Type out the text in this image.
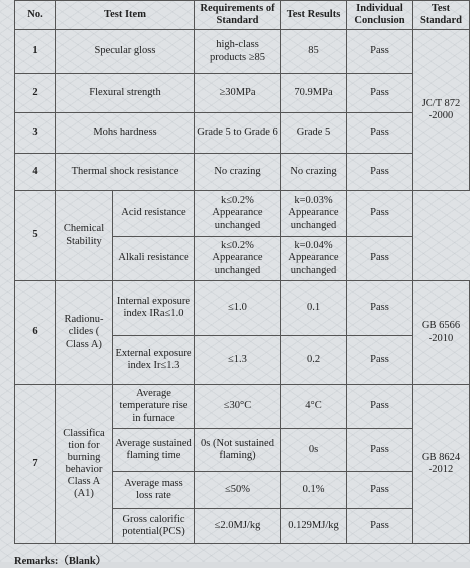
No.	Test Item		Requirements of Standard	Test Results	Individual Conclusion	Test Standard
1	Specular gloss		high-class products ≥85	85	Pass	JC/T 872 -2000
2	Flexural strength		≥30MPa	70.9MPa	Pass	
3	Mohs hardness		Grade 5 to Grade 6	Grade 5	Pass	
4	Thermal shock resistance		No crazing	No crazing	Pass	
5	Chemical Stability	Acid resistance	k≤0.2% Appearance unchanged	k=0.03% Appearance unchanged	Pass	
		Alkali resistance	k≤0.2% Appearance unchanged	k=0.04% Appearance unchanged	Pass	
6	Radionu-clides ( Class A)	Internal exposure index IRa≤1.0	≤1.0	0.1	Pass	GB 6566 -2010
		External exposure index Ir≤1.3	≤1.3	0.2	Pass	
7	Classifica tion for burning behavior Class A (A1)	Average temperature rise in furnace	≤30°C	4°C	Pass	GB 8624 -2012
		Average sustained flaming time	0s (Not sustained flaming)	0s	Pass	
		Average mass loss rate	≤50%	0.1%	Pass	
		Gross calorific potential(PCS)	≤2.0MJ/kg	0.129MJ/kg	Pass	
Remarks:（Blank）
